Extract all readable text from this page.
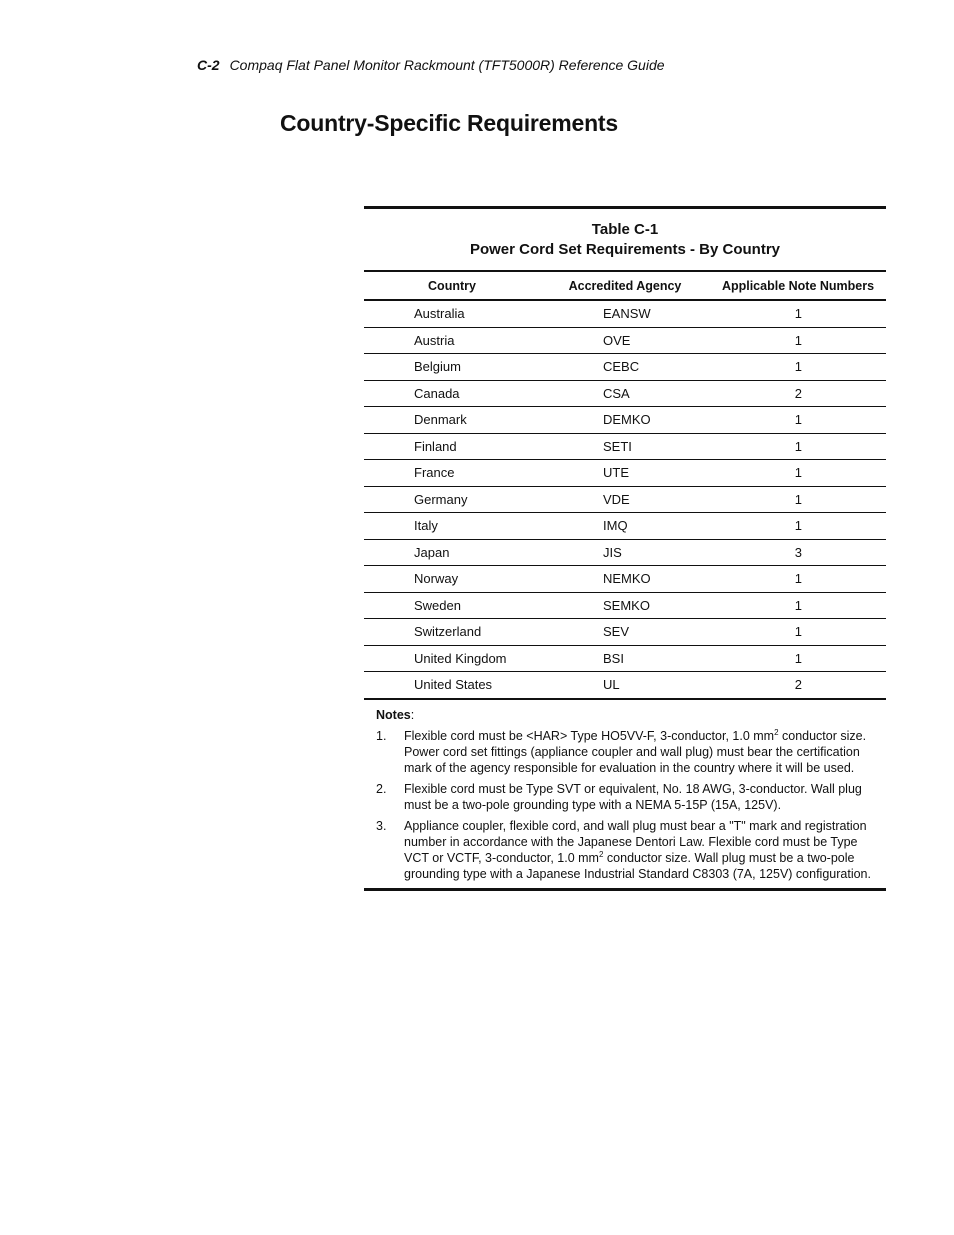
C-2 Compaq Flat Panel Monitor Rackmount (TFT5000R) Reference Guide
Country-Specific Requirements
Table C-1
Power Cord Set Requirements - By Country
Country	Accredited Agency	Applicable Note Numbers
Australia	EANSW	1
Austria	OVE	1
Belgium	CEBC	1
Canada	CSA	2
Denmark	DEMKO	1
Finland	SETI	1
France	UTE	1
Germany	VDE	1
Italy	IMQ	1
Japan	JIS	3
Norway	NEMKO	1
Sweden	SEMKO	1
Switzerland	SEV	1
United Kingdom	BSI	1
United States	UL	2
Notes:
1.	Flexible cord must be <HAR> Type HO5VV-F, 3-conductor, 1.0 $mm^2$ conductor size. Power cord set fittings (appliance coupler and wall plug) must bear the certification mark of the agency responsible for evaluation in the country where it will be used.
2.	Flexible cord must be Type SVT or equivalent, No. 18 AWG, 3-conductor. Wall plug must be a two-pole grounding type with a NEMA 5-15P (15A, 125V).
3.	Appliance coupler, flexible cord, and wall plug must bear a "T" mark and registration number in accordance with the Japanese Dentori Law. Flexible cord must be Type VCT or VCTF, 3-conductor, 1.0 $mm^2$ conductor size. Wall plug must be a two-pole grounding type with a Japanese Industrial Standard C8303 (7A, 125V) configuration.
